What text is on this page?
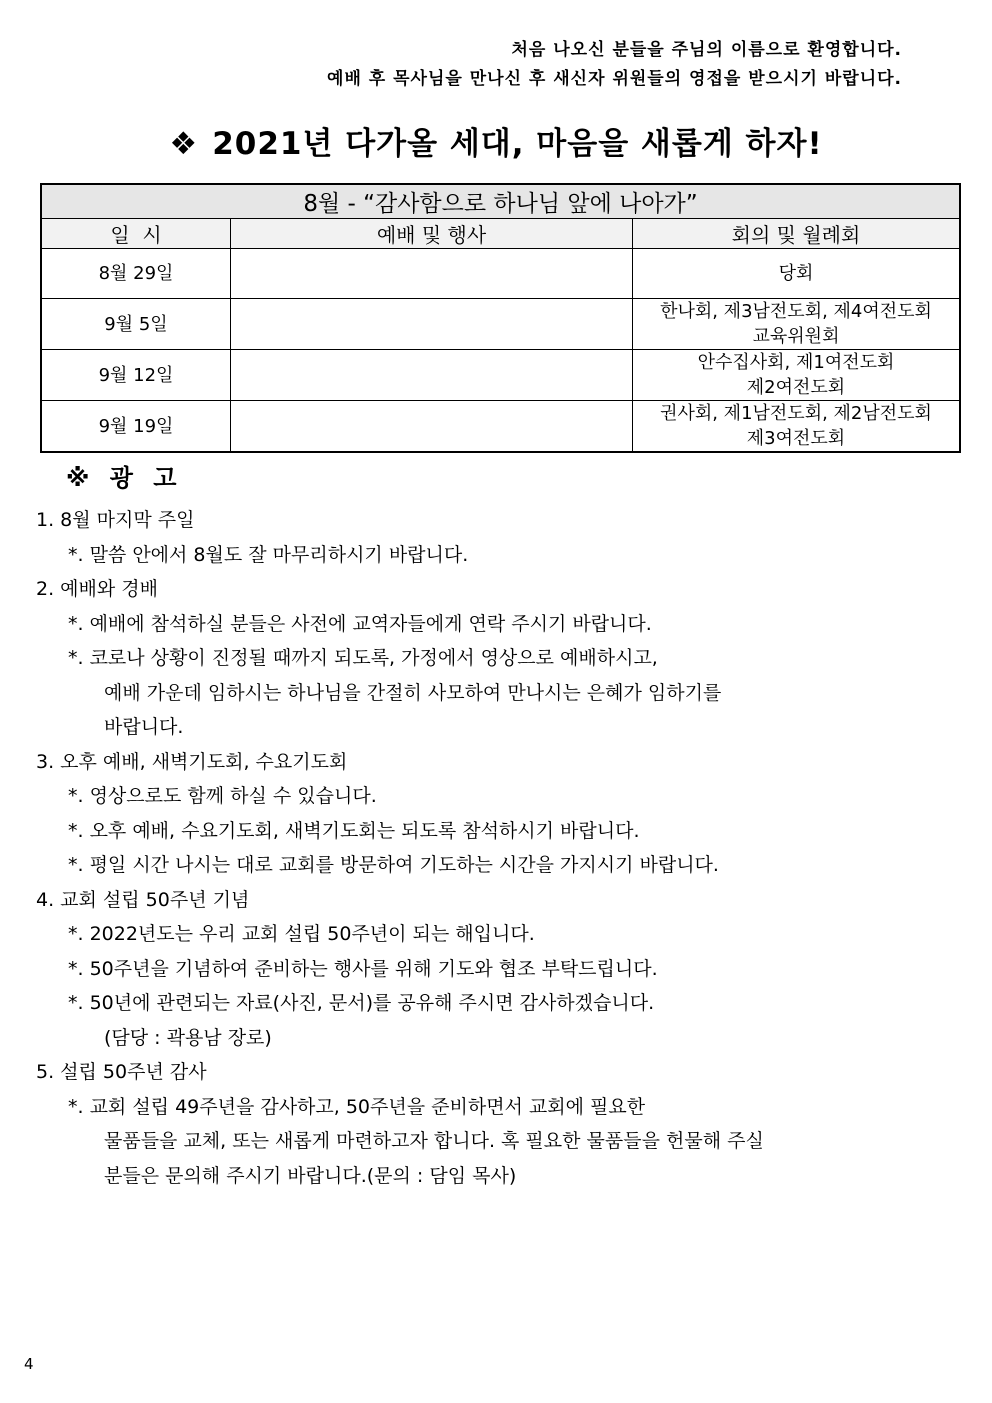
처음 나오신 분들을 주님의 이름으로 환영합니다.
예배 후 목사님을 만나신 후 새신자 위원들의 영접을 받으시기 바랍니다.
❖ 2021년 다가올 세대, 마음을 새롭게 하자!
8월 - “감사함으로 하나님 앞에 나아가”		
일  시	예배 및 행사	회의 및 월례회
8월 29일		당회

9월 5일		한나회, 제3남전도회, 제4여전도회
교육위원회

9월 12일		안수집사회, 제1여전도회
제2여전도회

9월 19일		권사회, 제1남전도회, 제2남전도회
제3여전도회
※ 광 고

1. 8월 마지막 주일

*. 말씀 안에서 8월도 잘 마무리하시기 바랍니다.

2. 예배와 경배

*. 예배에 참석하실 분들은 사전에 교역자들에게 연락 주시기 바랍니다.

*. 코로나 상황이 진정될 때까지 되도록, 가정에서 영상으로 예배하시고,

예배 가운데 임하시는 하나님을 간절히 사모하여 만나시는 은혜가 임하기를

바랍니다.

3. 오후 예배, 새벽기도회, 수요기도회

*. 영상으로도 함께 하실 수 있습니다.

*. 오후 예배, 수요기도회, 새벽기도회는 되도록 참석하시기 바랍니다.

*. 평일 시간 나시는 대로 교회를 방문하여 기도하는 시간을 가지시기 바랍니다.

4. 교회 설립 50주년 기념

*. 2022년도는 우리 교회 설립 50주년이 되는 해입니다.

*. 50주년을 기념하여 준비하는 행사를 위해 기도와 협조 부탁드립니다.

*. 50년에 관련되는 자료(사진, 문서)를 공유해 주시면 감사하겠습니다.

(담당 : 곽용남 장로)

5. 설립 50주년 감사

*. 교회 설립 49주년을 감사하고, 50주년을 준비하면서 교회에 필요한

물품들을 교체, 또는 새롭게 마련하고자 합니다. 혹 필요한 물품들을 헌물해 주실

분들은 문의해 주시기 바랍니다.(문의 : 담임 목사)

4
